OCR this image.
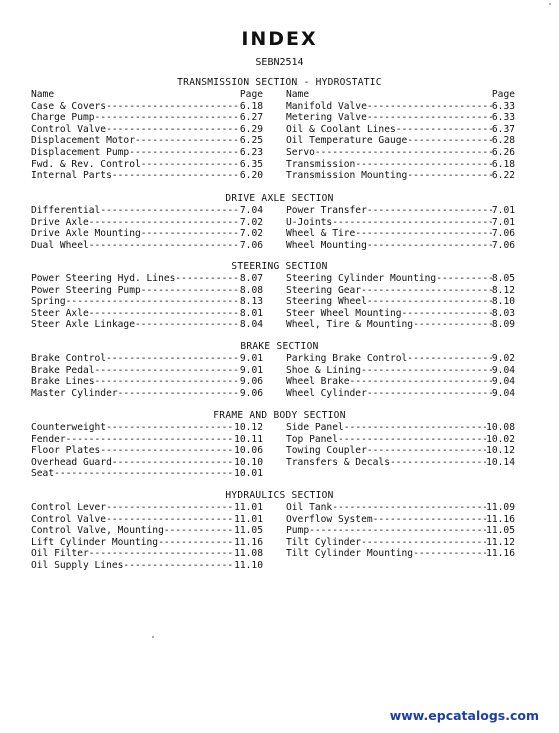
INDEX
SEBN2514
TRANSMISSION SECTION - HYDROSTATIC
Name	Page
Case & Covers -----	6.18
Charge Pump -----	6.27
Control Valve -----	6.29
Displacement Motor -----	6.25
Displacement Pump -----	6.23
Fwd. & Rev. Control -----	6.35
Internal Parts -----	6.20
Name	Page
Manifold Valve -----	6.33
Metering Valve -----	6.33
Oil & Coolant Lines -----	6.37
Oil Temperature Gauge -----	6.28
Servo -----	6.26
Transmission -----	6.18
Transmission Mounting -----	6.22
DRIVE AXLE SECTION
Differential -----	7.04
Drive Axle -----	7.02
Drive Axle Mounting -----	7.02
Dual Wheel -----	7.06
Power Transfer -----	7.01
U-Joints -----	7.01
Wheel & Tire -----	7.06
Wheel Mounting -----	7.06
STEERING SECTION
Power Steering Hyd. Lines -----	8.07
Power Steering Pump -----	8.08
Spring -----	8.13
Steer Axle -----	8.01
Steer Axle Linkage -----	8.04
Steering Cylinder Mounting -----	8.05
Steering Gear -----	8.12
Steering Wheel -----	8.10
Steer Wheel Mounting -----	8.03
Wheel, Tire & Mounting -----	8.09
BRAKE SECTION
Brake Control -----	9.01
Brake Pedal -----	9.01
Brake Lines -----	9.06
Master Cylinder -----	9.06
Parking Brake Control -----	9.02
Shoe & Lining -----	9.04
Wheel Brake -----	9.04
Wheel Cylinder -----	9.04
FRAME AND BODY SECTION
Counterweight -----	10.12
Fender -----	10.11
Floor Plates -----	10.06
Overhead Guard -----	10.10
Seat -----	10.01
Side Panel -----	10.08
Top Panel -----	10.02
Towing Coupler -----	10.12
Transfers & Decals -----	10.14
HYDRAULICS SECTION
Control Lever -----	11.01
Control Valve -----	11.01
Control Valve, Mounting -----	11.05
Lift Cylinder Mounting -----	11.16
Oil Filter -----	11.08
Oil Supply Lines -----	11.10
Oil Tank -----	11.09
Overflow System -----	11.16
Pump -----	11.05
Tilt Cylinder -----	11.12
Tilt Cylinder Mounting -----	11.16
www.epcatalogs.com
